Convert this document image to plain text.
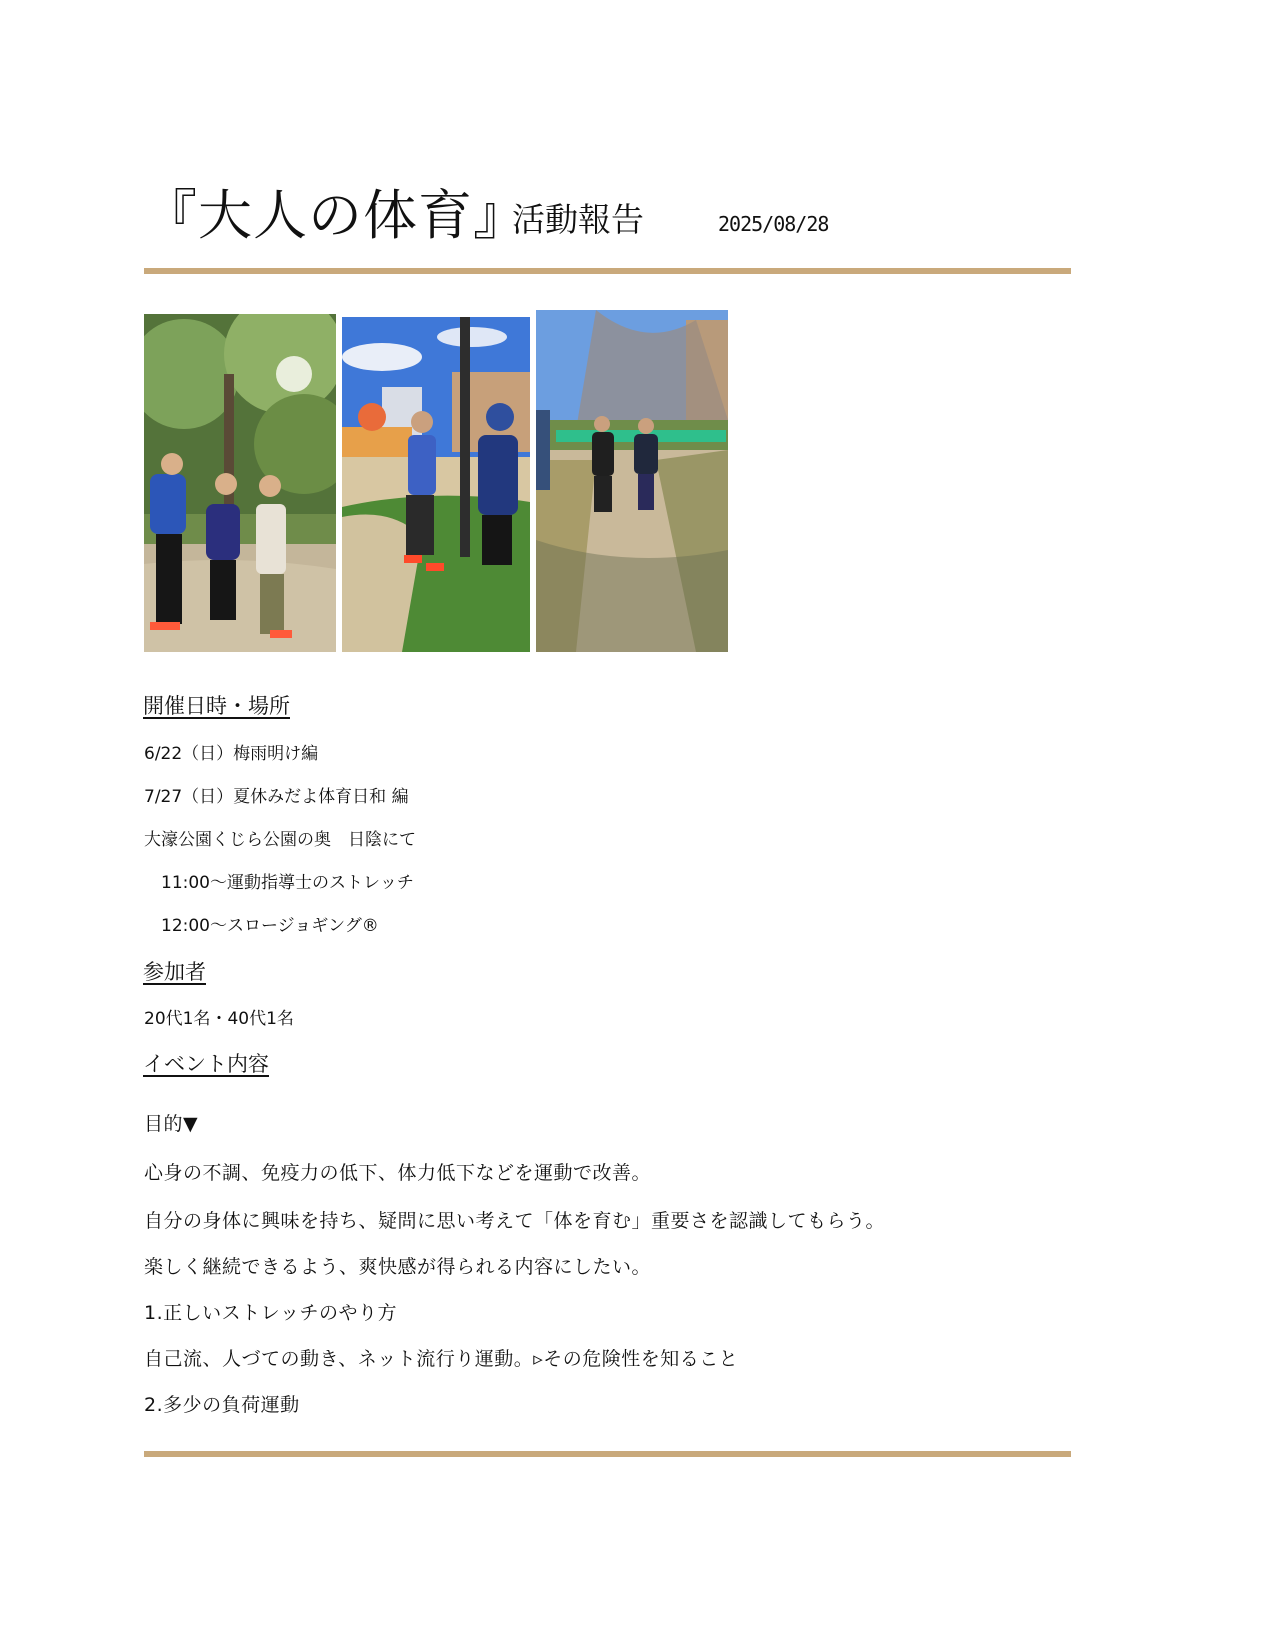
『大人の体育』
活動報告	2025/08/28
開催日時・場所
6/22（日）梅雨明け編
7/27（日）夏休みだよ体育日和 編
大濠公園くじら公園の奥　日陰にて
　11:00～運動指導士のストレッチ
　12:00～スロージョギング®
参加者
20代1名・40代1名
イベント内容
目的▼
心身の不調、免疫力の低下、体力低下などを運動で改善。
自分の身体に興味を持ち、疑問に思い考えて「体を育む」重要さを認識してもらう。
楽しく継続できるよう、爽快感が得られる内容にしたい。
1.正しいストレッチのやり方
自己流、人づての動き、ネット流行り運動。▹その危険性を知ること
2.多少の負荷運動
